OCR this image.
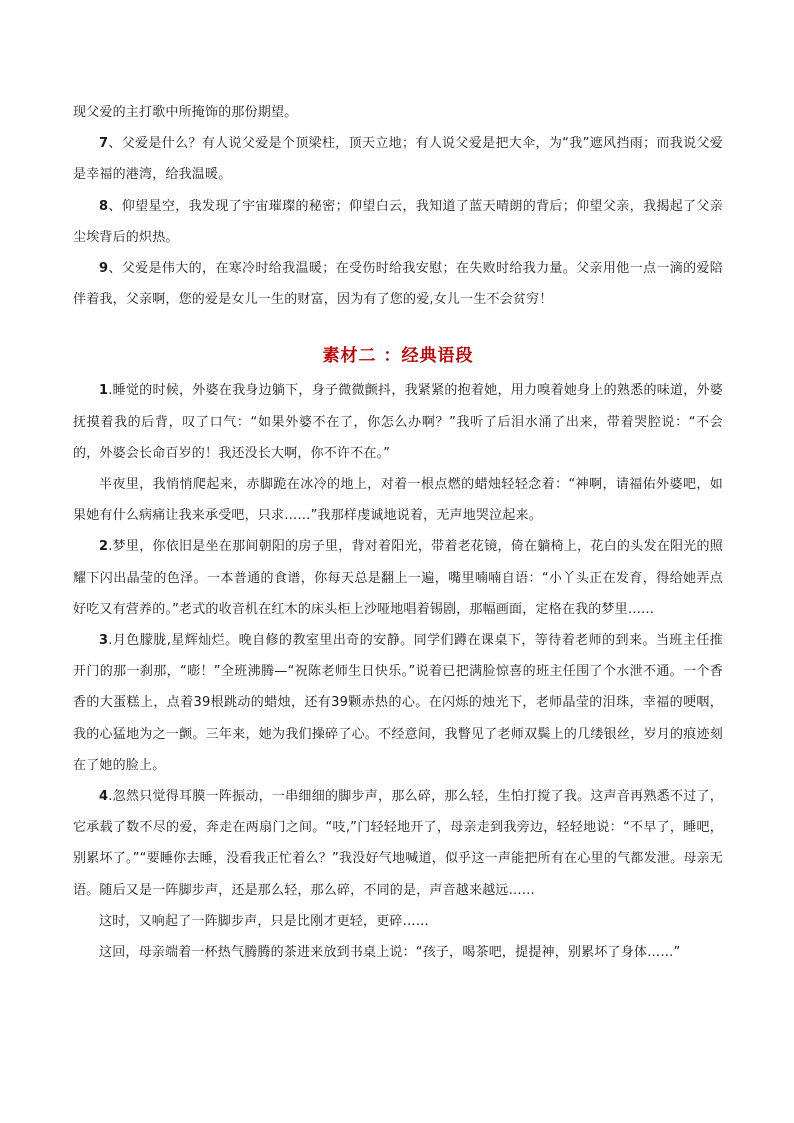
现父爱的主打歌中所掩饰的那份期望。

7、父爱是什么？有人说父爱是个顶梁柱，顶天立地；有人说父爱是把大伞，为“我”遮风挡雨；而我说父爱是幸福的港湾，给我温暖。

8、仰望星空，我发现了宇宙璀璨的秘密；仰望白云，我知道了蓝天晴朗的背后；仰望父亲，我揭起了父亲尘埃背后的炽热。

9、父爱是伟大的，在寒冷时给我温暖；在受伤时给我安慰；在失败时给我力量。父亲用他一点一滴的爱陪伴着我，父亲啊，您的爱是女儿一生的财富，因为有了您的爱,女儿一生不会贫穷！

素材二 ：经典语段

1.睡觉的时候，外婆在我身边躺下，身子微微颤抖，我紧紧的抱着她，用力嗅着她身上的熟悉的味道，外婆抚摸着我的后背，叹了口气：“如果外婆不在了，你怎么办啊？”我听了后泪水涌了出来，带着哭腔说：“不会的，外婆会长命百岁的！我还没长大啊，你不许不在。”

半夜里，我悄悄爬起来，赤脚跪在冰冷的地上，对着一根点燃的蜡烛轻轻念着：“神啊，请福佑外婆吧，如果她有什么病痛让我来承受吧，只求……”我那样虔诚地说着，无声地哭泣起来。

2.梦里，你依旧是坐在那间朝阳的房子里，背对着阳光，带着老花镜，倚在躺椅上，花白的头发在阳光的照耀下闪出晶莹的色泽。一本普通的食谱，你每天总是翻上一遍，嘴里喃喃自语：“小丫头正在发育，得给她弄点好吃又有营养的。”老式的收音机在红木的床头柜上沙哑地唱着锡剧，那幅画面，定格在我的梦里……

3.月色朦胧,星辉灿烂。晚自修的教室里出奇的安静。同学们蹲在课桌下，等待着老师的到来。当班主任推开门的那一刹那，“嘭！”全班沸腾—“祝陈老师生日快乐。”说着已把满脸惊喜的班主任围了个水泄不通。一个香香的大蛋糕上，点着39根跳动的蜡烛，还有39颗赤热的心。在闪烁的烛光下，老师晶莹的泪珠，幸福的哽咽，我的心猛地为之一颤。三年来，她为我们操碎了心。不经意间，我瞥见了老师双鬓上的几缕银丝，岁月的痕迹刻在了她的脸上。

4.忽然只觉得耳膜一阵振动，一串细细的脚步声，那么碎，那么轻，生怕打搅了我。这声音再熟悉不过了，它承载了数不尽的爱，奔走在两扇门之间。“吱,”门轻轻地开了，母亲走到我旁边，轻轻地说：“不早了，睡吧，别累坏了。”“要睡你去睡，没看我正忙着么？”我没好气地喊道，似乎这一声能把所有在心里的气都发泄。母亲无语。随后又是一阵脚步声，还是那么轻，那么碎，不同的是，声音越来越远……

这时，又响起了一阵脚步声，只是比刚才更轻，更碎……

这回，母亲端着一杯热气腾腾的茶进来放到书桌上说：“孩子，喝茶吧，提提神，别累坏了身体……”
